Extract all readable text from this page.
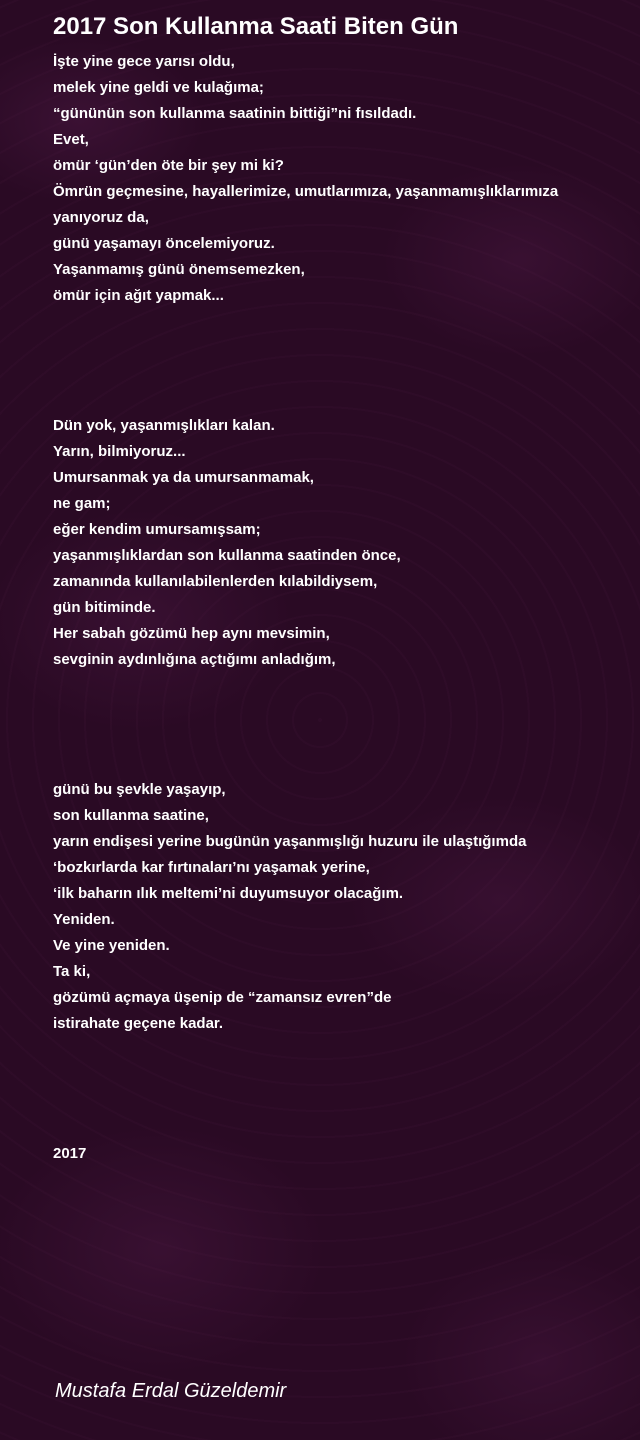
2017 Son Kullanma Saati Biten Gün
İşte yine gece yarısı oldu,
melek yine geldi ve kulağıma;
“gününün son kullanma saatinin bittiği”ni fısıldadı.
Evet,
ömür ‘gün’den öte bir şey mi ki?
Ömrün geçmesine, hayallerimize, umutlarımıza, yaşanmamışlıklarımıza
yanıyoruz da,
günü yaşamayı öncelemiyoruz.
Yaşanmamış günü önemsemezken,
ömür için ağıt yapmak...
Dün yok, yaşanmışlıkları kalan.
Yarın, bilmiyoruz...
Umursanmak ya da umursanmamak,
ne gam;
eğer kendim umursamışsam;
yaşanmışlıklardan son kullanma saatinden önce,
zamanında kullanılabilenlerden kılabildiysem,
gün bitiminde.
Her sabah gözümü hep aynı mevsimin,
sevginin aydınlığına açtığımı anladığım,
günü bu şevkle yaşayıp,
son kullanma saatine,
yarın endişesi yerine bugünün yaşanmışlığı huzuru ile ulaştığımda
‘bozkırlarda kar fırtınaları’nı yaşamak yerine,
‘ilk baharın ılık meltemi’ni duyumsuyor olacağım.
Yeniden.
Ve yine yeniden.
Ta ki,
gözümü açmaya üşenip de “zamansız evren”de
istirahate geçene kadar.
2017
Mustafa Erdal Güzeldemir
